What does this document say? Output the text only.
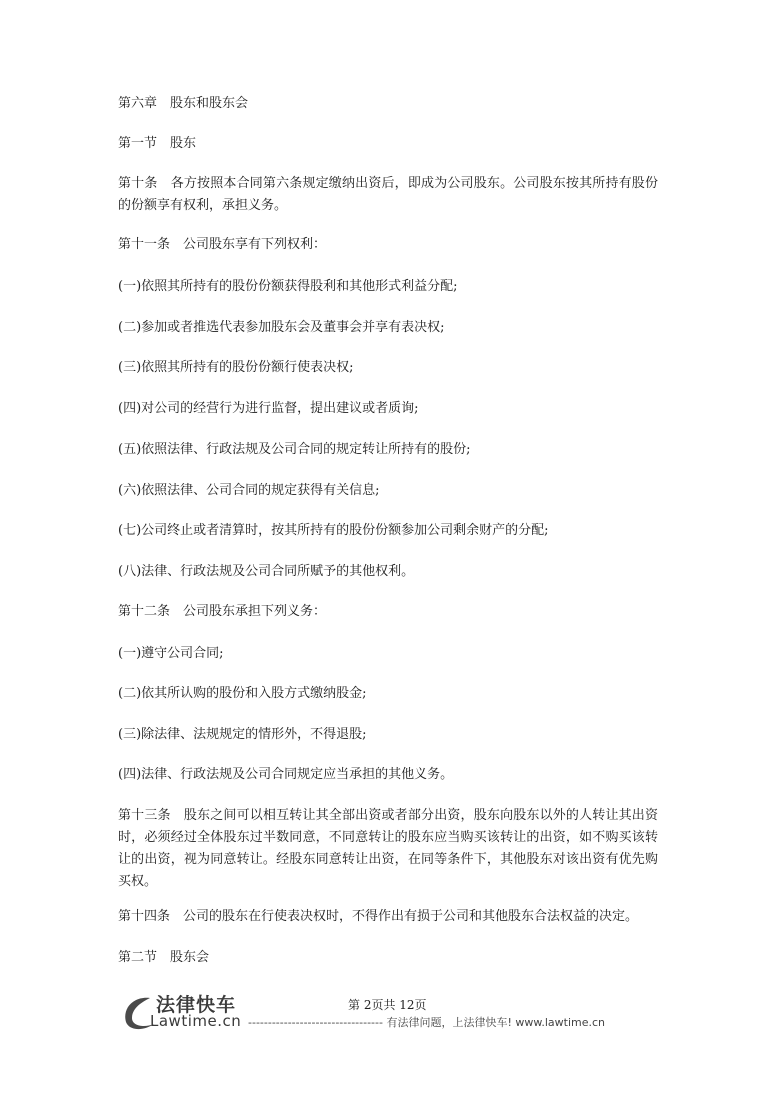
第六章　股东和股东会

第一节　股东

第十条　各方按照本合同第六条规定缴纳出资后，即成为公司股东。公司股东按其所持有股份的份额享有权利，承担义务。

第十一条　公司股东享有下列权利：

(一)依照其所持有的股份份额获得股利和其他形式利益分配;

(二)参加或者推选代表参加股东会及董事会并享有表决权;

(三)依照其所持有的股份份额行使表决权;

(四)对公司的经营行为进行监督，提出建议或者质询;

(五)依照法律、行政法规及公司合同的规定转让所持有的股份;

(六)依照法律、公司合同的规定获得有关信息;

(七)公司终止或者清算时，按其所持有的股份份额参加公司剩余财产的分配;

(八)法律、行政法规及公司合同所赋予的其他权利。

第十二条　公司股东承担下列义务：

(一)遵守公司合同;

(二)依其所认购的股份和入股方式缴纳股金;

(三)除法律、法规规定的情形外，不得退股;

(四)法律、行政法规及公司合同规定应当承担的其他义务。

第十三条　股东之间可以相互转让其全部出资或者部分出资，股东向股东以外的人转让其出资时，必须经过全体股东过半数同意，不同意转让的股东应当购买该转让的出资，如不购买该转让的出资，视为同意转让。经股东同意转让出资，在同等条件下，其他股东对该出资有优先购买权。

第十四条　公司的股东在行使表决权时，不得作出有损于公司和其他股东合法权益的决定。

第二节　股东会

法律快车
Lawtime.cn
第 2页共 12页
---------------------------------- 有法律问题，上法律快车! www.lawtime.cn
